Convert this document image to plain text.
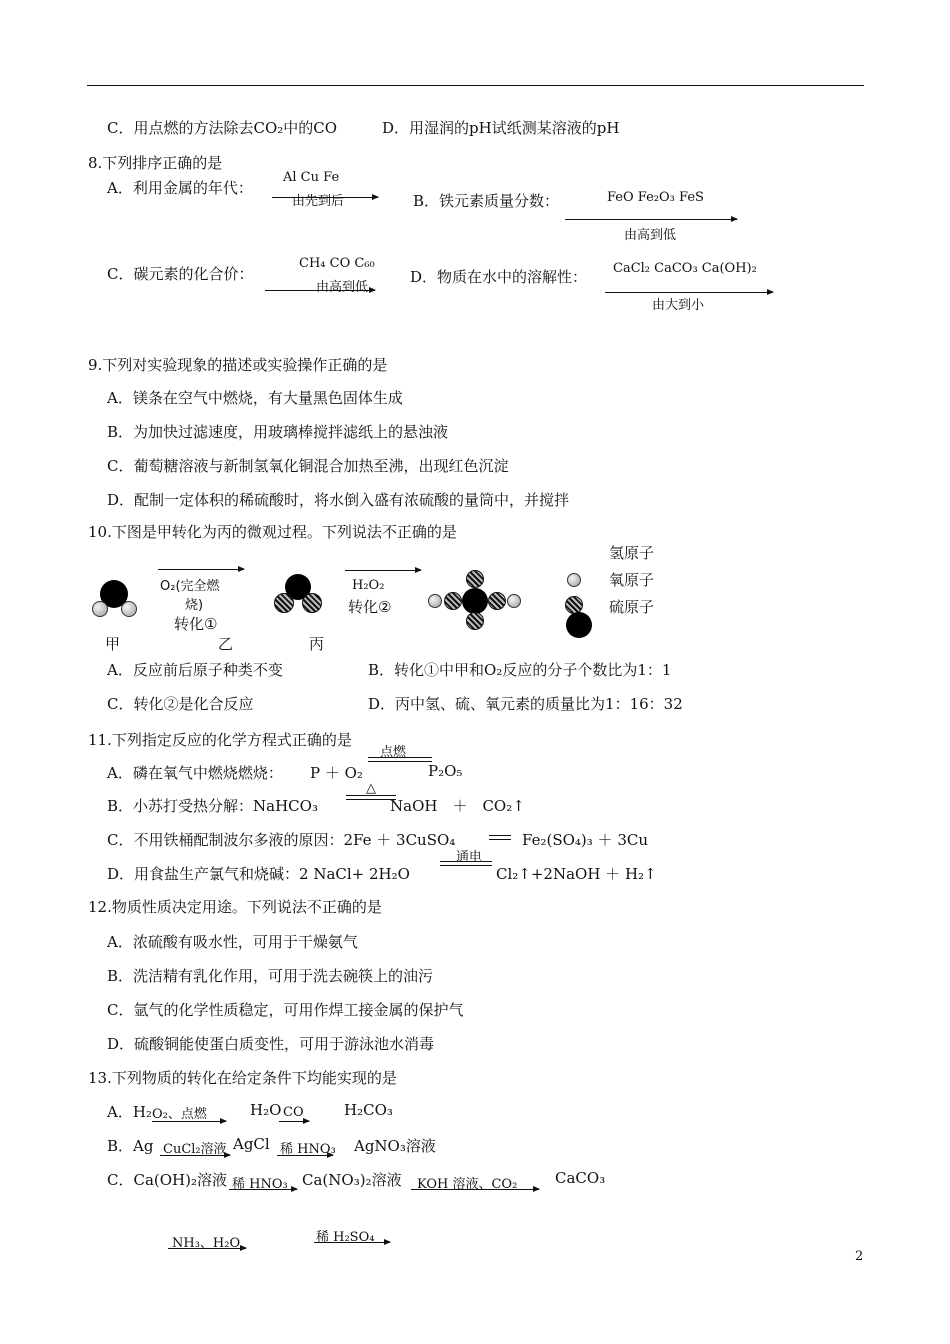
C．用点燃的方法除去CO₂中的CO	D．用湿润的pH试纸测某溶液的pH
8.下列排序正确的是
A．利用金属的年代：
Al Cu Fe
由先到后	B．铁元素质量分数：	FeO Fe₂O₃ FeS
由高到低
C．碳元素的化合价：
CH₄ CO C₆₀
由高到低
D．物质在水中的溶解性： CaCl₂ CaCO₃ Ca(OH)₂
由大到小
9.下列对实验现象的描述或实验操作正确的是
A．镁条在空气中燃烧，有大量黑色固体生成
B．为加快过滤速度，用玻璃棒搅拌滤纸上的悬浊液
C．葡萄糖溶液与新制氢氧化铜混合加热至沸，出现红色沉淀
D．配制一定体积的稀硫酸时，将水倒入盛有浓硫酸的量筒中，并搅拌
10.下图是甲转化为丙的微观过程。下列说法不正确的是
甲
O₂(完全燃
烧)
转化①
乙
H₂O₂
转化②
丙
氢原子
氧原子
硫原子
A．反应前后原子种类不变	B．转化①中甲和O₂反应的分子个数比为1：1
C．转化②是化合反应	D．丙中氢、硫、氧元素的质量比为1：16：32
11.下列指定反应的化学方程式正确的是
A．磷在氧气中燃烧燃烧： P ＋ O₂
点燃
P₂O₅
B．小苏打受热分解：NaHCO₃
△
NaOH　＋　CO₂↑
C．不用铁桶配制波尔多液的原因：2Fe ＋ 3CuSO₄	Fe₂(SO₄)₃ ＋ 3Cu
D．用食盐生产氯气和烧碱：2 NaCl+ 2H₂O
通电
Cl₂↑+2NaOH ＋ H₂↑
12.物质性质决定用途。下列说法不正确的是
A．浓硫酸有吸水性，可用于干燥氨气
B．洗洁精有乳化作用，可用于洗去碗筷上的油污
C．氩气的化学性质稳定，可用作焊工接金属的保护气
D．硫酸铜能使蛋白质变性，可用于游泳池水消毒
13.下列物质的转化在给定条件下均能实现的是
A．H₂ O₂、点燃	H₂O CO	H₂CO₃
B．Ag CuCl₂溶液 AgCl 稀 HNO₃ AgNO₃溶液
C．Ca(OH)₂溶液 稀 HNO₃ Ca(NO₃)₂溶液 KOH 溶液、CO₂	CaCO₃
NH₃、H₂O	稀 H₂SO₄
2
